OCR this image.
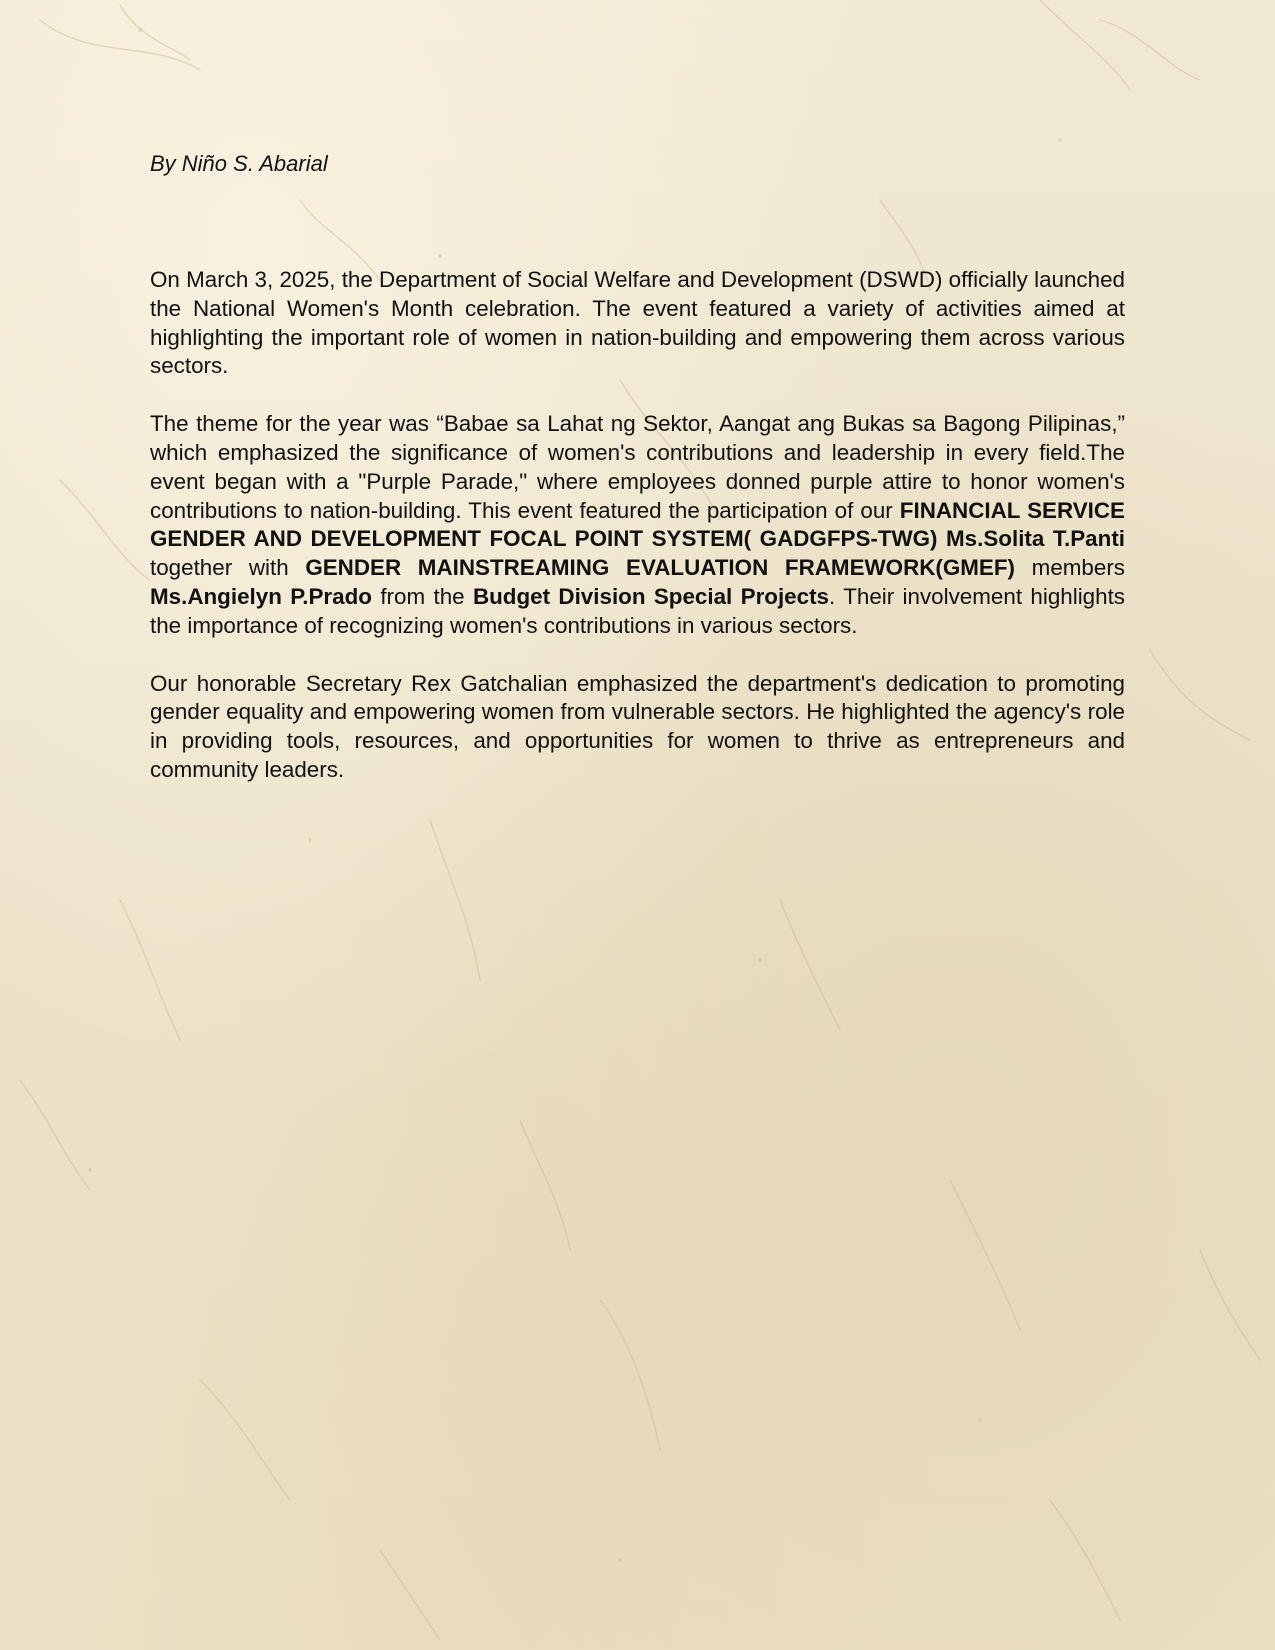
By Niño S. Abarial

On March 3, 2025, the Department of Social Welfare and Development (DSWD) officially launched the National Women's Month celebration. The event featured a variety of activities aimed at highlighting the important role of women in nation-building and empowering them across various sectors.

The theme for the year was “Babae sa Lahat ng Sektor, Aangat ang Bukas sa Bagong Pilipinas,” which emphasized the significance of women's contributions and leadership in every field.The event began with a "Purple Parade," where employees donned purple attire to honor women's contributions to nation-building. This event featured the participation of our FINANCIAL SERVICE GENDER AND DEVELOPMENT FOCAL POINT SYSTEM( GADGFPS-TWG) Ms.Solita T.Panti together with GENDER MAINSTREAMING EVALUATION FRAMEWORK(GMEF) members Ms.Angielyn P.Prado from the Budget Division Special Projects. Their involvement highlights the importance of recognizing women's contributions in various sectors.

Our honorable Secretary Rex Gatchalian emphasized the department's dedication to promoting gender equality and empowering women from vulnerable sectors. He highlighted the agency's role in providing tools, resources, and opportunities for women to thrive as entrepreneurs and community leaders.
